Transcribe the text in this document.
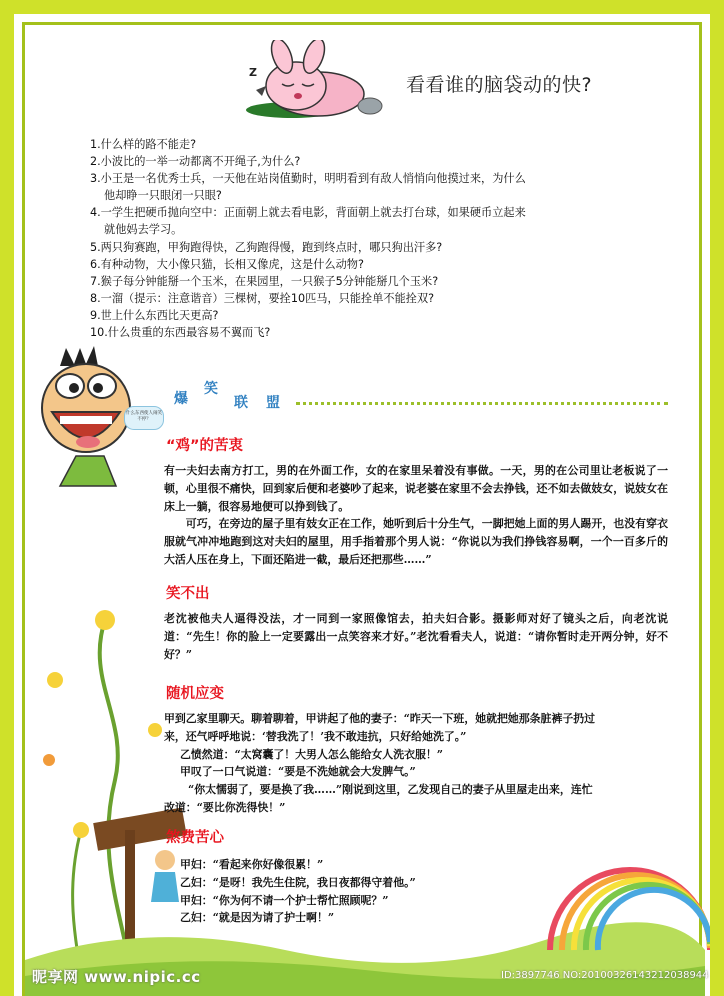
Z
看看谁的脑袋动的快?
1.什么样的路不能走?
2.小波比的一举一动都离不开绳子,为什么?
3.小王是一名优秀士兵，一天他在站岗值勤时，明明看到有敌人悄悄向他摸过来，为什么
他却睁一只眼闭一只眼?
4.一学生把硬币抛向空中：正面朝上就去看电影，背面朝上就去打台球，如果硬币立起来
就他妈去学习。
5.两只狗赛跑，甲狗跑得快，乙狗跑得慢，跑到终点时，哪只狗出汗多?
6.有种动物，大小像只猫，长相又像虎，这是什么动物?
7.猴子每分钟能掰一个玉米，在果园里，一只猴子5分钟能掰几个玉米?
8.一溜（提示：注意谐音）三棵树，要拴10匹马，只能拴单不能拴双?
9.世上什么东西比天更高?
10.什么贵重的东西最容易不翼而飞?
爆
笑
联 盟
什么东西使人闹笑不停？
“鸡”的苦衷

有一夫妇去南方打工，男的在外面工作，女的在家里呆着没有事做。一天，男的在公司里让老板说了一顿，心里很不痛快，回到家后便和老婆吵了起来，说老婆在家里不会去挣钱，还不如去做妓女，说妓女在床上一躺，很容易地便可以挣到钱了。

可巧，在旁边的屋子里有妓女正在工作，她听到后十分生气，一脚把她上面的男人踢开，也没有穿衣服就气冲冲地跑到这对夫妇的屋里，用手指着那个男人说：“你说以为我们挣钱容易啊，一个一百多斤的大活人压在身上，下面还陷进一截，最后还把那些……”

笑不出

老沈被他夫人逼得没法，才一同到一家照像馆去，拍夫妇合影。摄影师对好了镜头之后，向老沈说道：“先生！你的脸上一定要露出一点笑容来才好。”老沈看看夫人，说道：“请你暂时走开两分钟，好不好？”

随机应变
甲到乙家里聊天。聊着聊着，甲讲起了他的妻子：“昨天一下班，她就把她那条脏裤子扔过
来，还气呼呼地说：‘替我洗了！’我不敢违抗，只好给她洗了。”
乙愤然道：“太窝囊了！大男人怎么能给女人洗衣服！”
甲叹了一口气说道：“要是不洗她就会大发脾气。”
“你太懦弱了，要是换了我……”刚说到这里，乙发现自己的妻子从里屋走出来，连忙
改道：“要比你洗得快！”
煞费苦心
甲妇：“看起来你好像很累！”
乙妇：“是呀！我先生住院，我日夜都得守着他。”
甲妇：“你为何不请一个护士帮忙照顾呢？”
乙妇：“就是因为请了护士啊！”
昵享网 www.nipic.cc	ID:3897746 NO:20100326143212038944
